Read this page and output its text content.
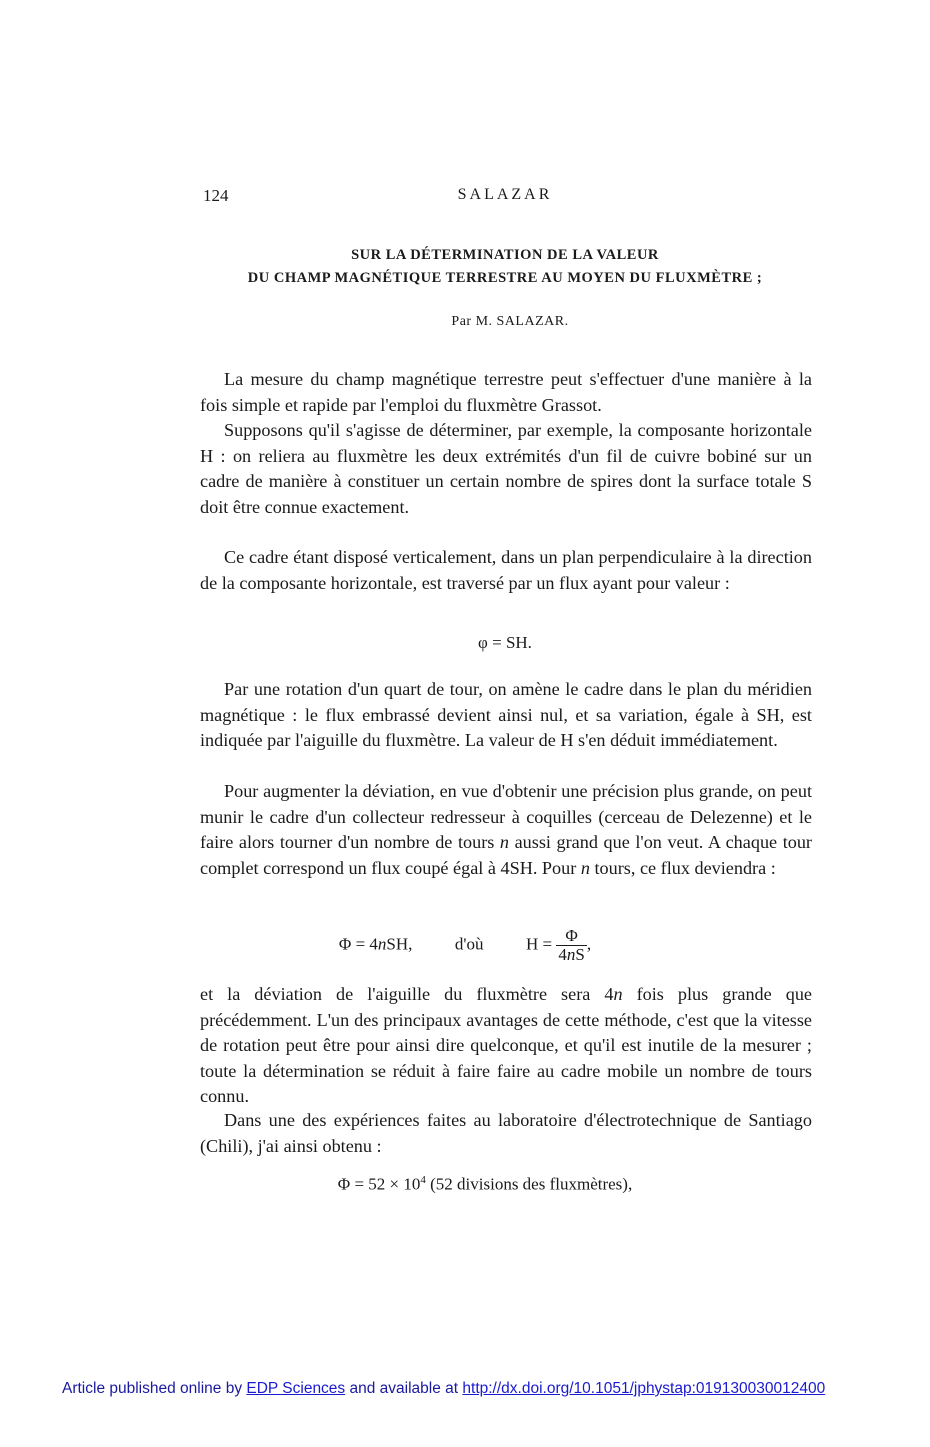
124	SALAZAR
SUR LA DÉTERMINATION DE LA VALEUR
DU CHAMP MAGNÉTIQUE TERRESTRE AU MOYEN DU FLUXMÈTRE ;
Par M. SALAZAR.

La mesure du champ magnétique terrestre peut s'effectuer d'une manière à la fois simple et rapide par l'emploi du fluxmètre Grassot.

Supposons qu'il s'agisse de déterminer, par exemple, la composante horizontale H : on reliera au fluxmètre les deux extrémités d'un fil de cuivre bobiné sur un cadre de manière à constituer un certain nombre de spires dont la surface totale S doit être connue exactement.

Ce cadre étant disposé verticalement, dans un plan perpendiculaire à la direction de la composante horizontale, est traversé par un flux ayant pour valeur :

φ = SH.

Par une rotation d'un quart de tour, on amène le cadre dans le plan du méridien magnétique : le flux embrassé devient ainsi nul, et sa variation, égale à SH, est indiquée par l'aiguille du fluxmètre. La valeur de H s'en déduit immédiatement.

Pour augmenter la déviation, en vue d'obtenir une précision plus grande, on peut munir le cadre d'un collecteur redresseur à coquilles (cerceau de Delezenne) et le faire alors tourner d'un nombre de tours n aussi grand que l'on veut. A chaque tour complet correspond un flux coupé égal à 4SH. Pour n tours, ce flux deviendra :

Φ = 4nSH,	d'où	$H = \frac{\Phi}{4nS}$ ,

et la déviation de l'aiguille du fluxmètre sera 4n fois plus grande que précédemment. L'un des principaux avantages de cette méthode, c'est que la vitesse de rotation peut être pour ainsi dire quelconque, et qu'il est inutile de la mesurer ; toute la détermination se réduit à faire faire au cadre mobile un nombre de tours connu.

Dans une des expériences faites au laboratoire d'électrotechnique de Santiago (Chili), j'ai ainsi obtenu :

$\Phi = 52 \times 10^4$ (52 divisions des fluxmètres),
Article published online by EDP Sciences and available at http://dx.doi.org/10.1051/jphystap:019130030012400
